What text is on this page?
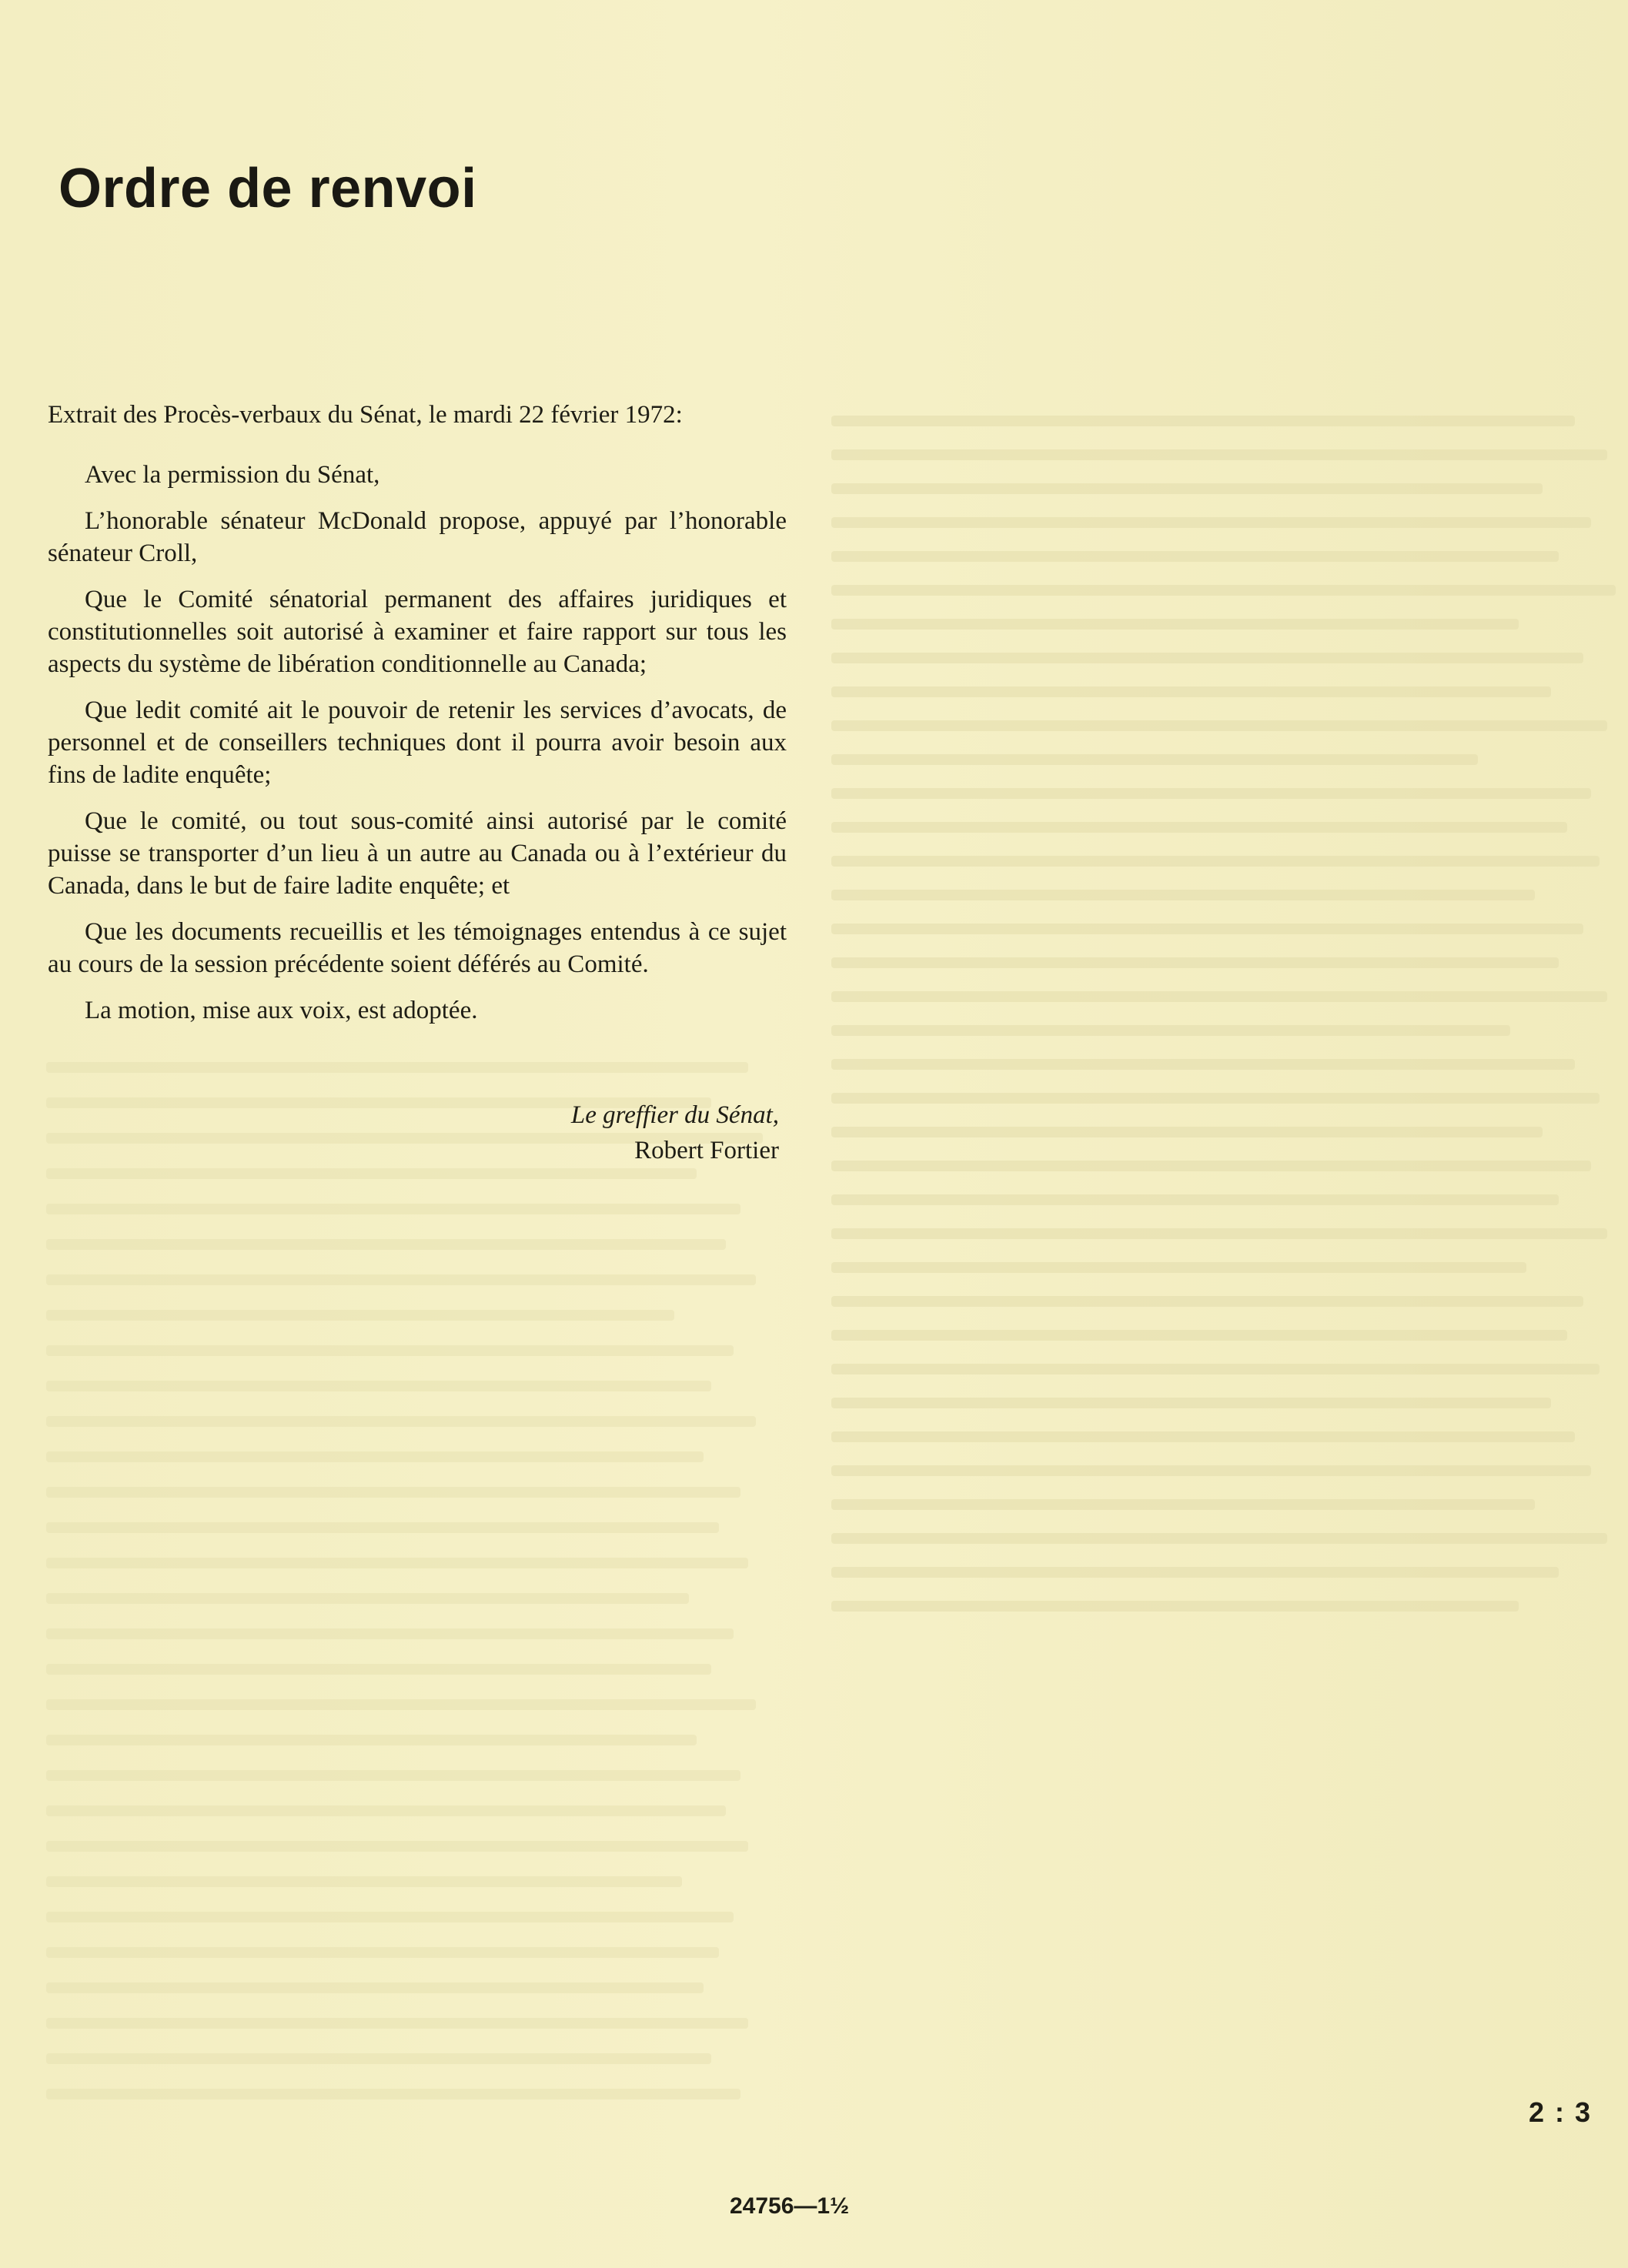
Ordre de renvoi

Extrait des Procès-verbaux du Sénat, le mardi 22 février 1972:

Avec la permission du Sénat,

L’honorable sénateur McDonald propose, appuyé par l’honorable sénateur Croll,

Que le Comité sénatorial permanent des affaires juridiques et constitutionnelles soit autorisé à examiner et faire rapport sur tous les aspects du système de libération conditionnelle au Canada;

Que ledit comité ait le pouvoir de retenir les services d’avocats, de personnel et de conseillers techniques dont il pourra avoir besoin aux fins de ladite enquête;

Que le comité, ou tout sous-comité ainsi autorisé par le comité puisse se transporter d’un lieu à un autre au Canada ou à l’extérieur du Canada, dans le but de faire ladite enquête; et

Que les documents recueillis et les témoignages entendus à ce sujet au cours de la session précédente soient déférés au Comité.

La motion, mise aux voix, est adoptée.

Le greffier du Sénat,
Robert Fortier
2 : 3
24756—1½
